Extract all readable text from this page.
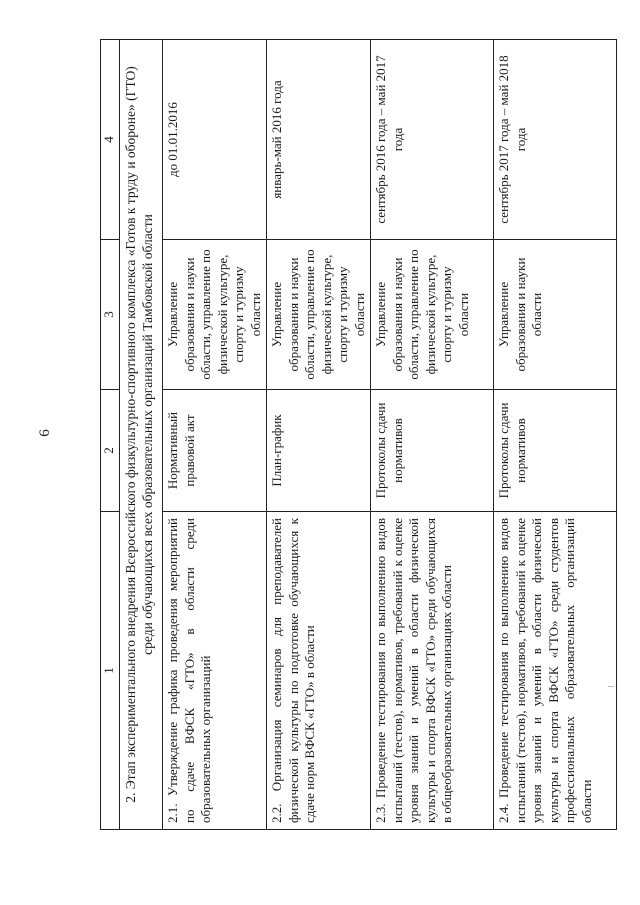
6
1	2	3	4
2. Этап экспериментального внедрения Всероссийского физкультурно-спортивного комплекса «Готов к труду и обороне» (ГТО) среди обучающихся всех образовательных организаций Тамбовской области			
2.1. Утверждение графика проведения мероприятий по сдаче ВФСК «ГТО» в области среди образовательных организаций	Нормативный правовой акт	Управление образования и науки области, управление по физической культуре, спорту и туризму области	до 01.01.2016
2.2. Организация семинаров для преподавателей физической культуры по подготовке обучающихся к сдаче норм ВФСК «ГТО» в области	План-график	Управление образования и науки области, управление по физической культуре, спорту и туризму области	январь-май 2016 года
2.3. Проведение тестирования по выполнению видов испытаний (тестов), нормативов, требований к оценке уровня знаний и умений в области физической культуры и спорта ВФСК «ГТО» среди обучающихся в общеобразовательных организациях области	Протоколы сдачи нормативов	Управление образования и науки области, управление по физической культуре, спорту и туризму области	сентябрь 2016 года – май 2017 года
2.4. Проведение тестирования по выполнению видов испытаний (тестов), нормативов, требований к оценке уровня знаний и умений в области физической культуры и спорта ВФСК «ГТО» среди студентов профессиональных образовательных организаций области	Протоколы сдачи нормативов	Управление образования и науки области	сентябрь 2017 года – май 2018 года
